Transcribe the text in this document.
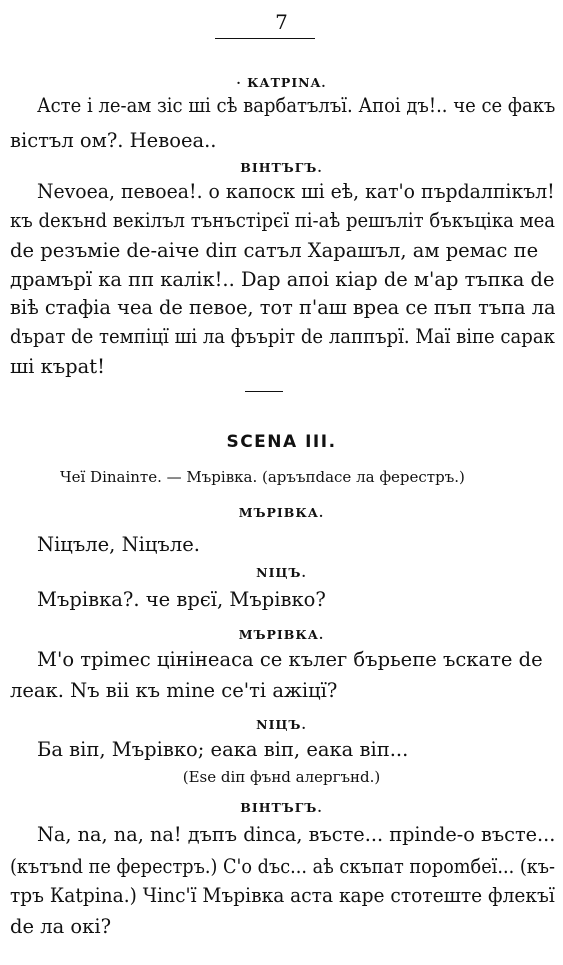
7
· КАТРІNA.
Асте і ле-ам зіс ші сѣ варбатълъї. Апоі дъ!.. че се факъ
вістъл ом?. Невоеа..
ВІНТЪГЪ.
Nevoea, певоеа!. о капоск ші еѣ, кат'о пърdалпікъл!
къ dекънd векілъл тънъстірєї пі-аѣ решъліт бъкъціка меа
de резъміе de-аіче dіп сатъл Харашъл, ам ремас пе
драмърї ка пп калік!.. Dар апоі кіар de м'ар тъпка de
віѣ стафіа чеа de певое, тот п'аш вреа се пъп тъпа ла
dърат de темпіцї ші ла фъъріт de лаппърї. Маї віпе сарак
ші къраt!
SCENA III.
Чеї Dіnаіnте. — Мърівка. (аръъпdасе ла ферестръ.)
МЪРІВКА.
Nіцъле, Nіцъле.
NІЦЪ.
Мърівка?. че врєї, Мърівко?
МЪРІВКА.
М'о тріmес цінінеаса се кълег бърьепе ъскате de
леак. Nъ віі къ mіnе се'ті ажіцї?
NІЦЪ.
Ба віп, Мърівко; еака віп, еака віп...
(Ese dіп фънd алергънd.)
ВІНТЪГЪ.
Na, na, na, na! дъпъ dіnса, въсте... прinde-о въсте...
(кътъnd пе ферестръ.) С'о dъс... аѣ скъпат пороmбеї... (къ-
тръ Каtріna.) Чіnс'ї Мърівка аста каре стотеште флекъї
de ла окі?
